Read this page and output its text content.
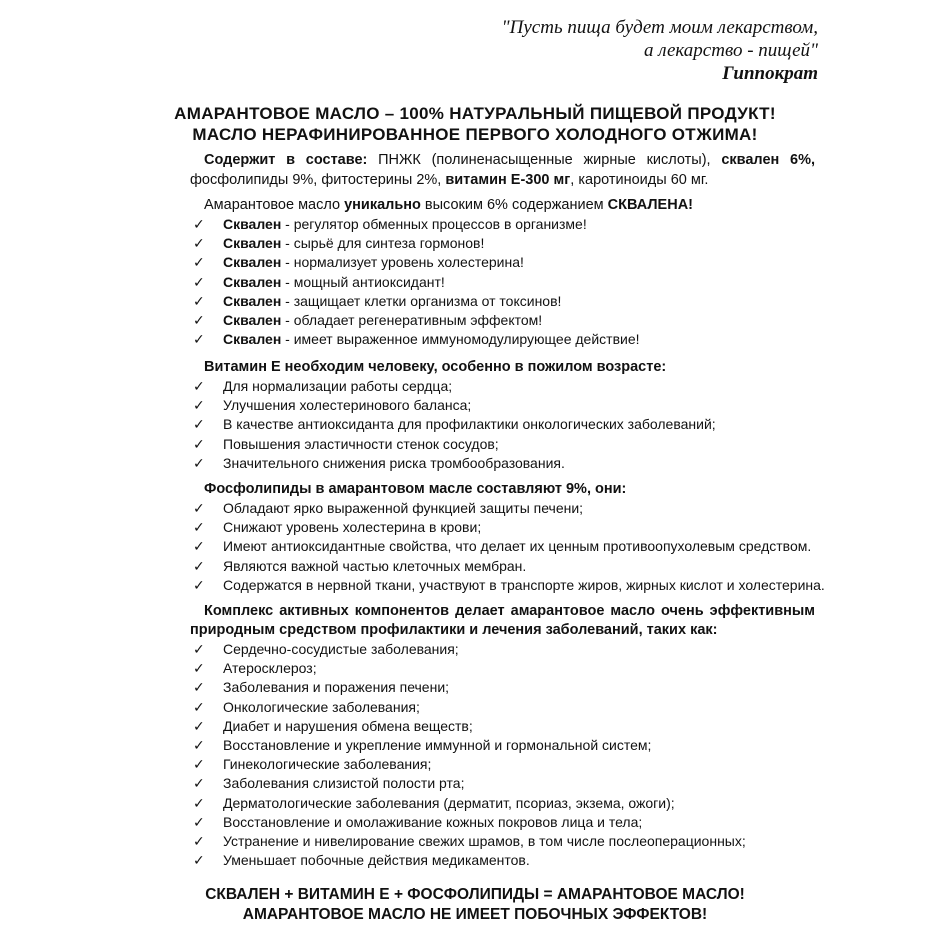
"Пусть пища будет моим лекарством,
а лекарство - пищей"
Гиппократ
АМАРАНТОВОЕ МАСЛО – 100% НАТУРАЛЬНЫЙ ПИЩЕВОЙ ПРОДУКТ!
МАСЛО НЕРАФИНИРОВАННОЕ ПЕРВОГО ХОЛОДНОГО ОТЖИМА!
Содержит в составе: ПНЖК (полиненасыщенные жирные кислоты), сквален 6%, фосфолипиды 9%, фитостерины 2%, витамин Е-300 мг, каротиноиды 60 мг.
Амарантовое масло уникально высоким 6% содержанием СКВАЛЕНА!
✓ Сквален - регулятор обменных процессов в организме!
✓ Сквален - сырьё для синтеза гормонов!
✓ Сквален - нормализует уровень холестерина!
✓ Сквален - мощный антиоксидант!
✓ Сквален - защищает клетки организма от токсинов!
✓ Сквален - обладает регенеративным эффектом!
✓ Сквален - имеет выраженное иммуномодулирующее действие!
Витамин Е необходим человеку, особенно в пожилом возрасте:
✓ Для нормализации работы сердца;
✓ Улучшения холестеринового баланса;
✓ В качестве антиоксиданта для профилактики онкологических заболеваний;
✓ Повышения эластичности стенок сосудов;
✓ Значительного снижения риска тромбообразования.
Фосфолипиды в амарантовом масле составляют 9%, они:
✓ Обладают ярко выраженной функцией защиты печени;
✓ Снижают уровень холестерина в крови;
✓ Имеют антиоксидантные свойства, что делает их ценным противоопухолевым средством.
✓ Являются важной частью клеточных мембран.
✓ Содержатся в нервной ткани, участвуют в транспорте жиров, жирных кислот и холестерина.
Комплекс активных компонентов делает амарантовое масло очень эффективным
природным средством профилактики и лечения заболеваний, таких как:
✓ Сердечно-сосудистые заболевания;
✓ Атеросклероз;
✓ Заболевания и поражения печени;
✓ Онкологические заболевания;
✓ Диабет и нарушения обмена веществ;
✓ Восстановление и укрепление иммунной и гормональной систем;
✓ Гинекологические заболевания;
✓ Заболевания слизистой полости рта;
✓ Дерматологические заболевания (дерматит, псориаз, экзема, ожоги);
✓ Восстановление и омолаживание кожных покровов лица и тела;
✓ Устранение и нивелирование свежих шрамов, в том числе послеоперационных;
✓ Уменьшает побочные действия медикаментов.
СКВАЛЕН + ВИТАМИН Е + ФОСФОЛИПИДЫ = АМАРАНТОВОЕ МАСЛО!
АМАРАНТОВОЕ МАСЛО НЕ ИМЕЕТ ПОБОЧНЫХ ЭФФЕКТОВ!
